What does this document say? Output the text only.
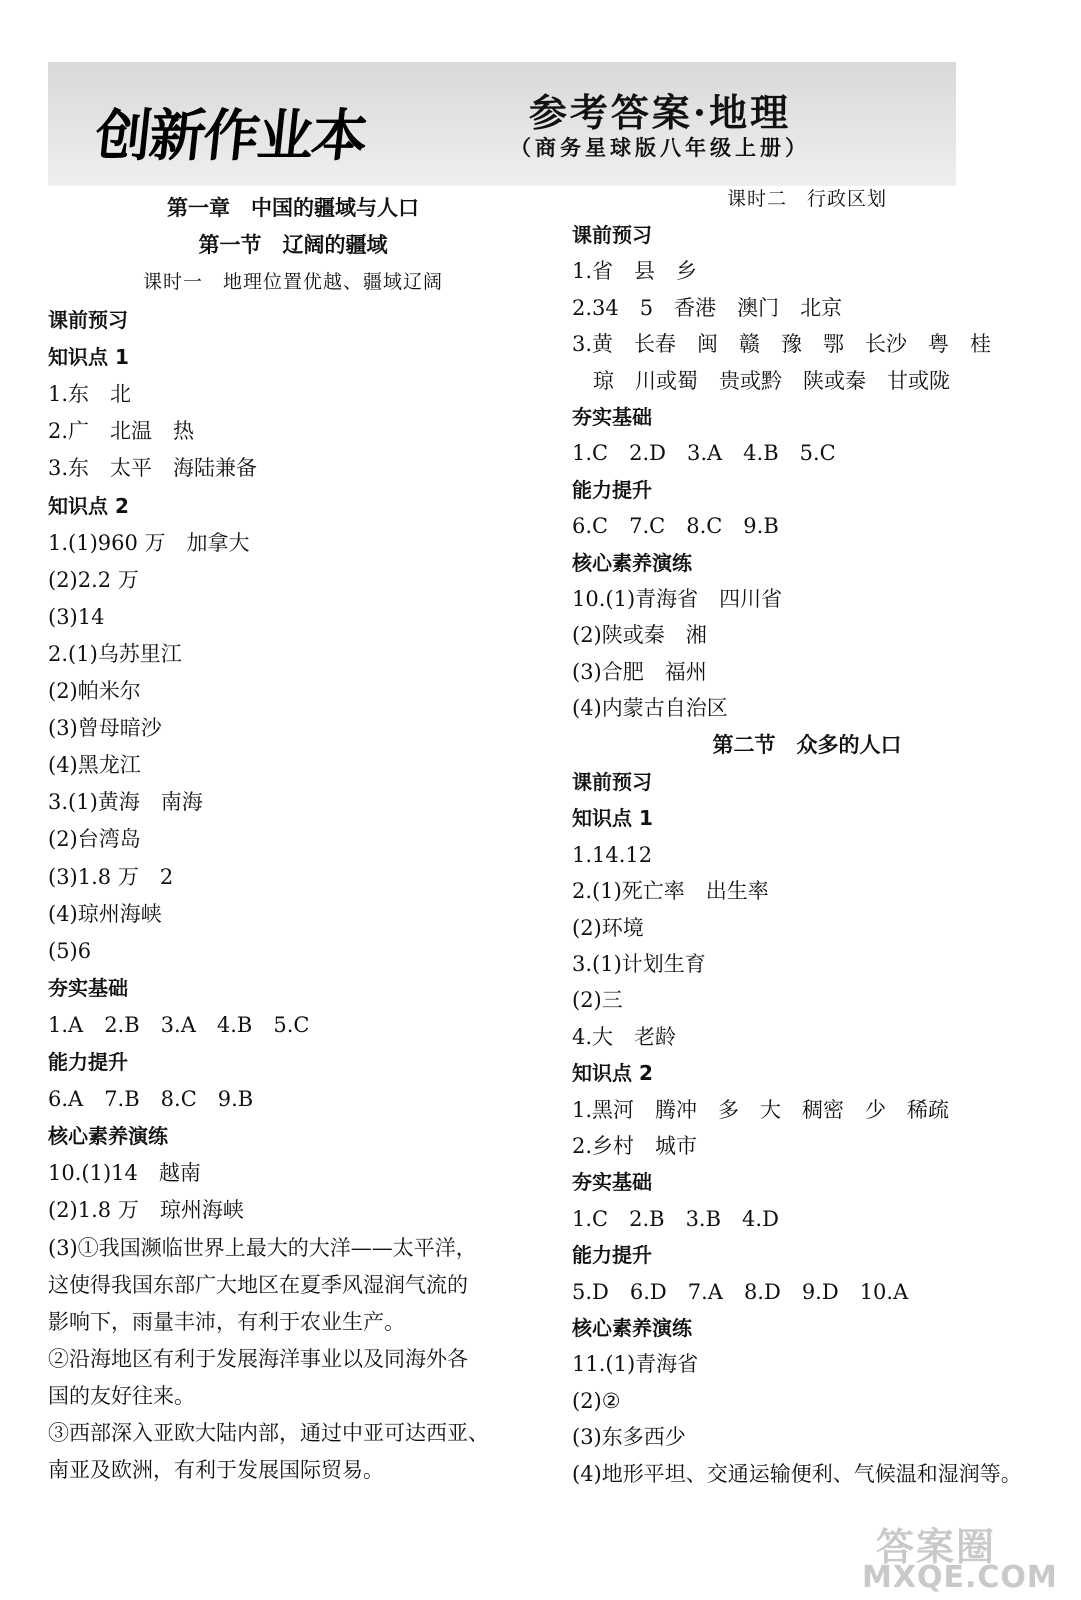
创新作业本	参考答案·地理
（商务星球版八年级上册）
第一章　中国的疆域与人口
第一节　辽阔的疆域
课时一　地理位置优越、疆域辽阔
课前预习
知识点 1
1.东　北
2.广　北温　热
3.东　太平　海陆兼备
知识点 2
1.(1)960 万　加拿大
(2)2.2 万
(3)14
2.(1)乌苏里江
(2)帕米尔
(3)曾母暗沙
(4)黑龙江
3.(1)黄海　南海
(2)台湾岛
(3)1.8 万　2
(4)琼州海峡
(5)6
夯实基础
1.A　2.B　3.A　4.B　5.C
能力提升
6.A　7.B　8.C　9.B
核心素养演练
10.(1)14　越南
(2)1.8 万　琼州海峡
(3)①我国濒临世界上最大的大洋——太平洋，
这使得我国东部广大地区在夏季风湿润气流的
影响下，雨量丰沛，有利于农业生产。
②沿海地区有利于发展海洋事业以及同海外各
国的友好往来。
③西部深入亚欧大陆内部，通过中亚可达西亚、
南亚及欧洲，有利于发展国际贸易。
课时二　行政区划
课前预习
1.省　县　乡
2.34　5　香港　澳门　北京
3.黄　长春　闽　赣　豫　鄂　长沙　粤　桂
　琼　川或蜀　贵或黔　陕或秦　甘或陇
夯实基础
1.C　2.D　3.A　4.B　5.C
能力提升
6.C　7.C　8.C　9.B
核心素养演练
10.(1)青海省　四川省
(2)陕或秦　湘
(3)合肥　福州
(4)内蒙古自治区
第二节　众多的人口
课前预习
知识点 1
1.14.12
2.(1)死亡率　出生率
(2)环境
3.(1)计划生育
(2)三
4.大　老龄
知识点 2
1.黑河　腾冲　多　大　稠密　少　稀疏
2.乡村　城市
夯实基础
1.C　2.B　3.B　4.D
能力提升
5.D　6.D　7.A　8.D　9.D　10.A
核心素养演练
11.(1)青海省
(2)②
(3)东多西少
(4)地形平坦、交通运输便利、气候温和湿润等。
答案圈
MXQE.COM
